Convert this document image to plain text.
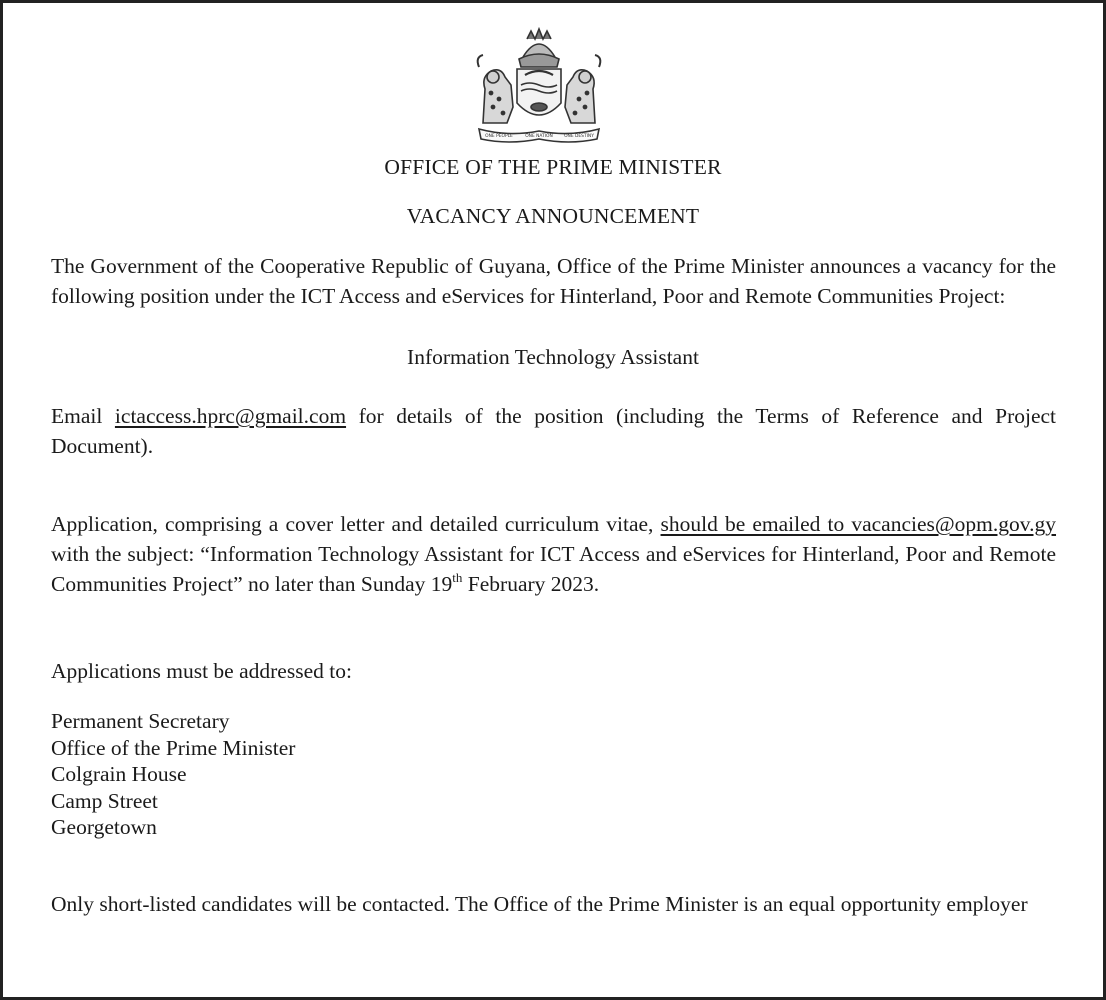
ONE PEOPLE	ONE NATION	ONE DESTINY
OFFICE OF THE PRIME MINISTER
VACANCY ANNOUNCEMENT
The Government of the Cooperative Republic of Guyana, Office of the Prime Minister announces a vacancy for the following position under the ICT Access and eServices for Hinterland, Poor and Remote Communities Project:
Information Technology Assistant
Email ictaccess.hprc@gmail.com for details of the position (including the Terms of Reference and Project Document).
Application, comprising a cover letter and detailed curriculum vitae, should be emailed to vacancies@opm.gov.gy with the subject: “Information Technology Assistant for ICT Access and eServices for Hinterland, Poor and Remote Communities Project” no later than Sunday 19th February 2023.
Applications must be addressed to:
Permanent Secretary
Office of the Prime Minister
Colgrain House
Camp Street
Georgetown
Only short-listed candidates will be contacted. The Office of the Prime Minister is an equal opportunity employer
